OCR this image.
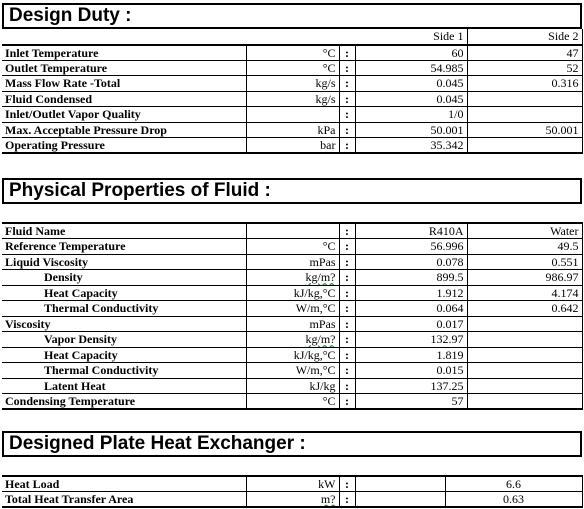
Design Duty :
			Side 1	Side 2
Inlet Temperature	°C	:	60	47
Outlet Temperature	°C	:	54.985	52
Mass Flow Rate -Total	kg/s	:	0.045	0.316
Fluid Condensed	kg/s	:	0.045	
Inlet/Outlet Vapor Quality		:	1/0	
Max. Acceptable Pressure Drop	kPa	:	50.001	50.001
Operating Pressure	bar	:	35.342	
Physical Properties of Fluid :
Fluid Name		:	R410A	Water
Reference Temperature	°C	:	56.996	49.5
Liquid Viscosity	mPas	:	0.078	0.551
Density	kg/m?	:	899.5	986.97
Heat Capacity	kJ/kg,°C	:	1.912	4.174
Thermal Conductivity	W/m,°C	:	0.064	0.642
Viscosity	mPas	:	0.017	
Vapor Density	kg/m?	:	132.97	
Heat Capacity	kJ/kg,°C	:	1.819	
Thermal Conductivity	W/m,°C	:	0.015	
Latent Heat	kJ/kg	:	137.25	
Condensing Temperature	°C	:	57	
Designed Plate Heat Exchanger :
Heat Load	kW	:		6.6
Total Heat Transfer Area	m?	:		0.63
